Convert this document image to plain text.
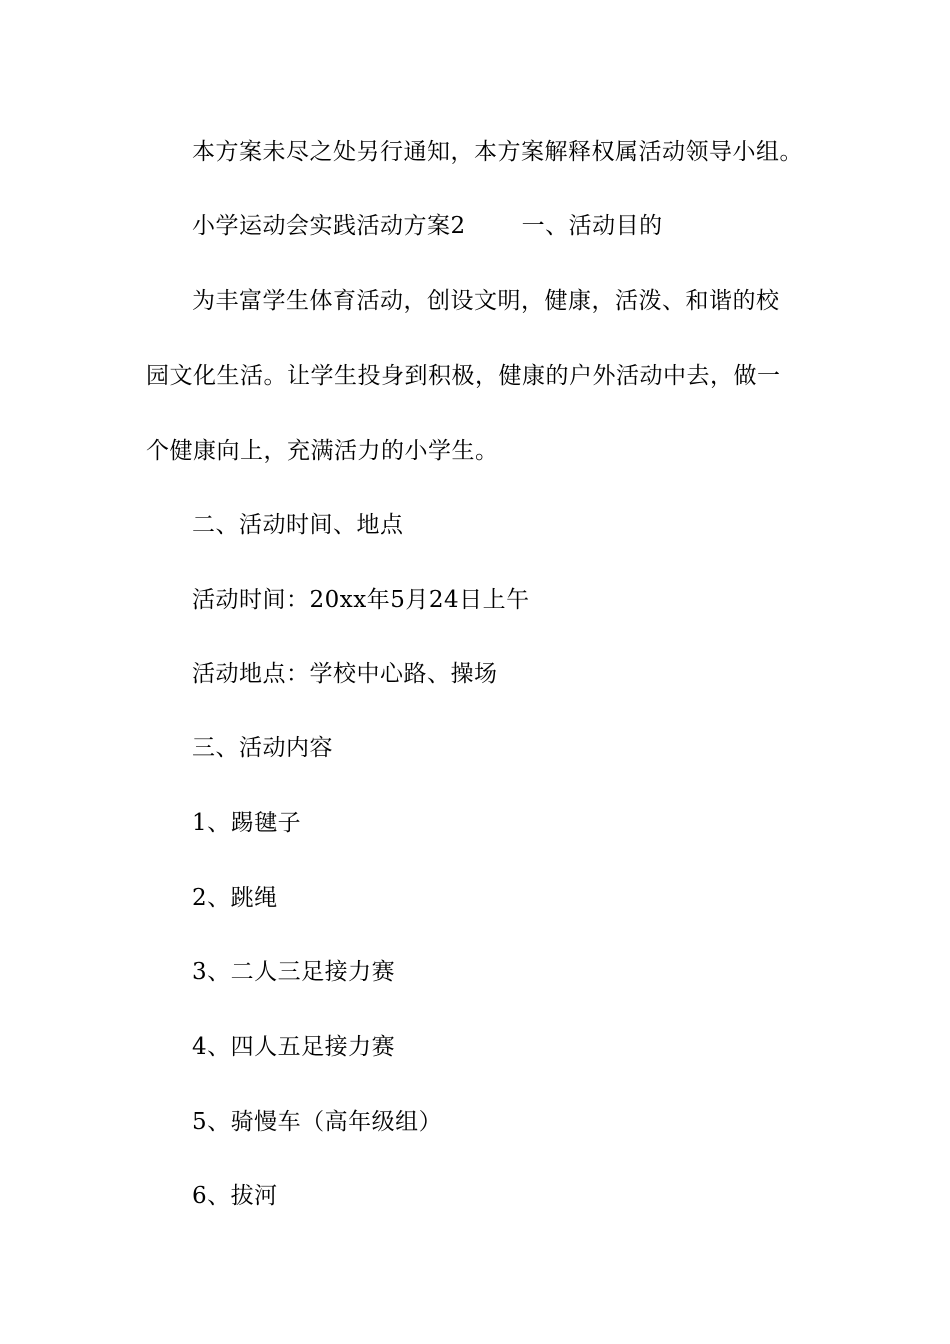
本方案未尽之处另行通知，本方案解释权属活动领导小组。
小学运动会实践活动方案2 一、活动目的
为丰富学生体育活动，创设文明，健康，活泼、和谐的校
园文化生活。让学生投身到积极，健康的户外活动中去，做一
个健康向上，充满活力的小学生。
二、活动时间、地点
活动时间：20xx年5月24日上午
活动地点：学校中心路、操场
三、活动内容
1、踢毽子
2、跳绳
3、二人三足接力赛
4、四人五足接力赛
5、骑慢车（高年级组）
6、拔河
